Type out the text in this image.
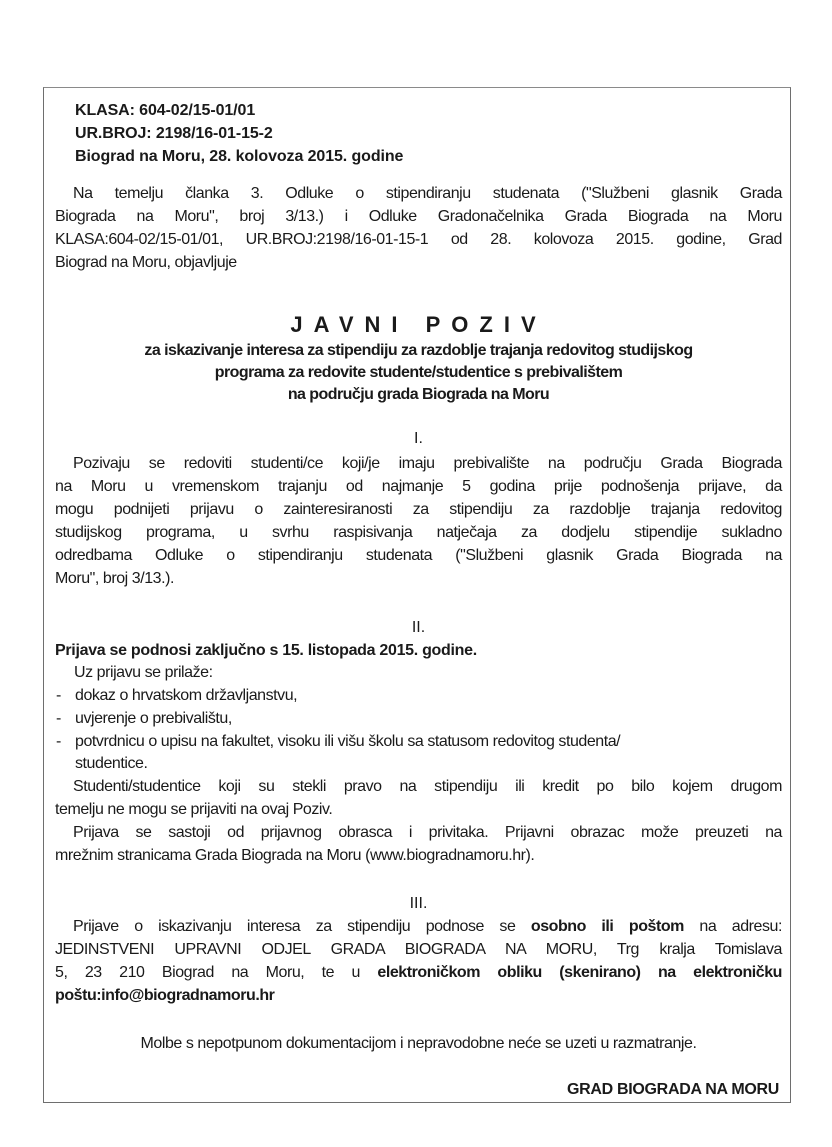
KLASA: 604-02/15-01/01
UR.BROJ: 2198/16-01-15-2
Biograd na Moru, 28. kolovoza 2015. godine
Na temelju članka 3. Odluke o stipendiranju studenata ("Službeni glasnik Grada
Biograda na Moru", broj 3/13.) i Odluke Gradonačelnika Grada Biograda na Moru
KLASA:604-02/15-01/01, UR.BROJ:2198/16-01-15-1 od 28. kolovoza 2015. godine, Grad
Biograd na Moru, objavljuje
JAVNI POZIV
za iskazivanje interesa za stipendiju za razdoblje trajanja redovitog studijskog
programa za redovite studente/studentice s prebivalištem
na području grada Biograda na Moru
I.
Pozivaju se redoviti studenti/ce koji/je imaju prebivalište na području Grada Biograda
na Moru u vremenskom trajanju od najmanje 5 godina prije podnošenja prijave, da
mogu podnijeti prijavu o zainteresiranosti za stipendiju za razdoblje trajanja redovitog
studijskog programa, u svrhu raspisivanja natječaja za dodjelu stipendije sukladno
odredbama Odluke o stipendiranju studenata ("Službeni glasnik Grada Biograda na
Moru", broj 3/13.).
II.
Prijava se podnosi zaključno s 15. listopada 2015. godine.
Uz prijavu se prilaže:
- dokaz o hrvatskom državljanstvu,
- uvjerenje o prebivalištu,
- potvrdnicu o upisu na fakultet, visoku ili višu školu sa statusom redovitog studenta/
studentice.
Studenti/studentice koji su stekli pravo na stipendiju ili kredit po bilo kojem drugom
temelju ne mogu se prijaviti na ovaj Poziv.
Prijava se sastoji od prijavnog obrasca i privitaka. Prijavni obrazac može preuzeti na
mrežnim stranicama Grada Biograda na Moru (www.biogradnamoru.hr).
III.
Prijave o iskazivanju interesa za stipendiju podnose se osobno ili poštom na adresu:
JEDINSTVENI UPRAVNI ODJEL GRADA BIOGRADA NA MORU, Trg kralja Tomislava
5, 23 210 Biograd na Moru, te u elektroničkom obliku (skenirano) na elektroničku
poštu:info@biogradnamoru.hr
Molbe s nepotpunom dokumentacijom i nepravodobne neće se uzeti u razmatranje.
GRAD BIOGRADA NA MORU
